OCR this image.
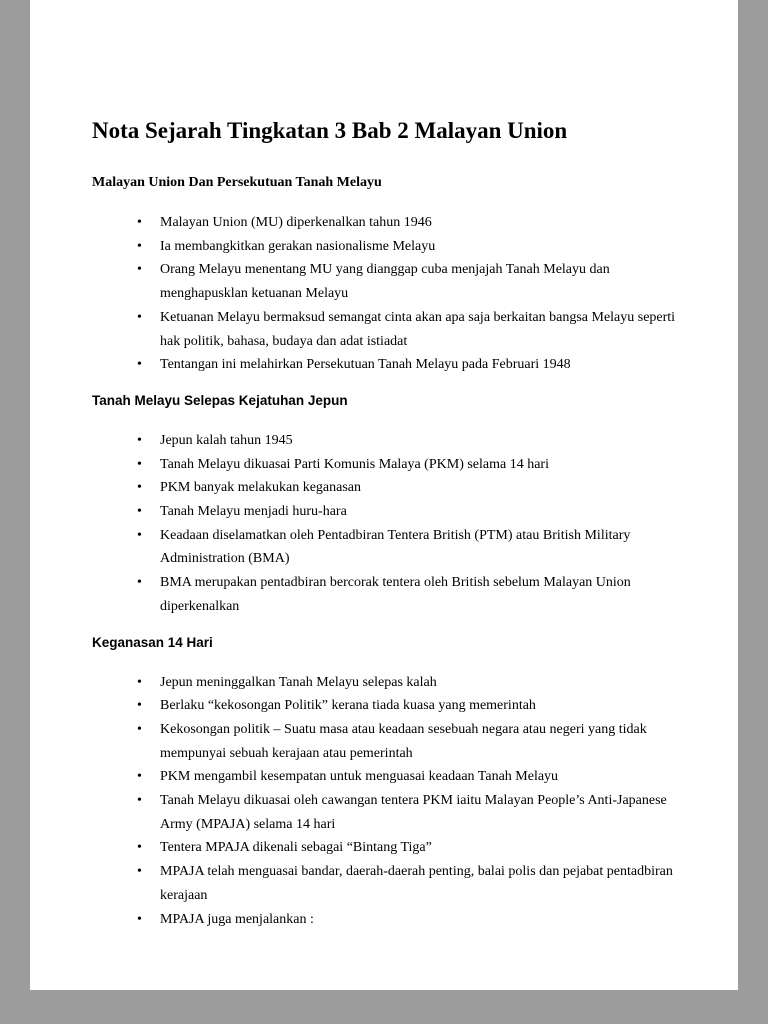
Nota Sejarah Tingkatan 3 Bab 2 Malayan Union
Malayan Union Dan Persekutuan Tanah Melayu
• Malayan Union (MU) diperkenalkan tahun 1946
• Ia membangkitkan gerakan nasionalisme Melayu
• Orang Melayu menentang MU yang dianggap cuba menjajah Tanah Melayu dan menghapusklan ketuanan Melayu
• Ketuanan Melayu bermaksud semangat cinta akan apa saja berkaitan bangsa Melayu seperti hak politik, bahasa, budaya dan adat istiadat
• Tentangan ini melahirkan Persekutuan Tanah Melayu pada Februari 1948
Tanah Melayu Selepas Kejatuhan Jepun
• Jepun kalah tahun 1945
• Tanah Melayu dikuasai Parti Komunis Malaya (PKM) selama 14 hari
• PKM banyak melakukan keganasan
• Tanah Melayu menjadi huru-hara
• Keadaan diselamatkan oleh Pentadbiran Tentera British (PTM) atau British Military Administration (BMA)
• BMA merupakan pentadbiran bercorak tentera oleh British sebelum Malayan Union diperkenalkan
Keganasan 14 Hari
• Jepun meninggalkan Tanah Melayu selepas kalah
• Berlaku “kekosongan Politik” kerana tiada kuasa yang memerintah
• Kekosongan politik – Suatu masa atau keadaan sesebuah negara atau negeri yang tidak mempunyai sebuah kerajaan atau pemerintah
• PKM mengambil kesempatan untuk menguasai keadaan Tanah Melayu
• Tanah Melayu dikuasai oleh cawangan tentera PKM iaitu Malayan People’s Anti-Japanese Army (MPAJA) selama 14 hari
• Tentera MPAJA dikenali sebagai “Bintang Tiga”
• MPAJA telah menguasai bandar, daerah-daerah penting, balai polis dan pejabat pentadbiran kerajaan
• MPAJA juga menjalankan :
